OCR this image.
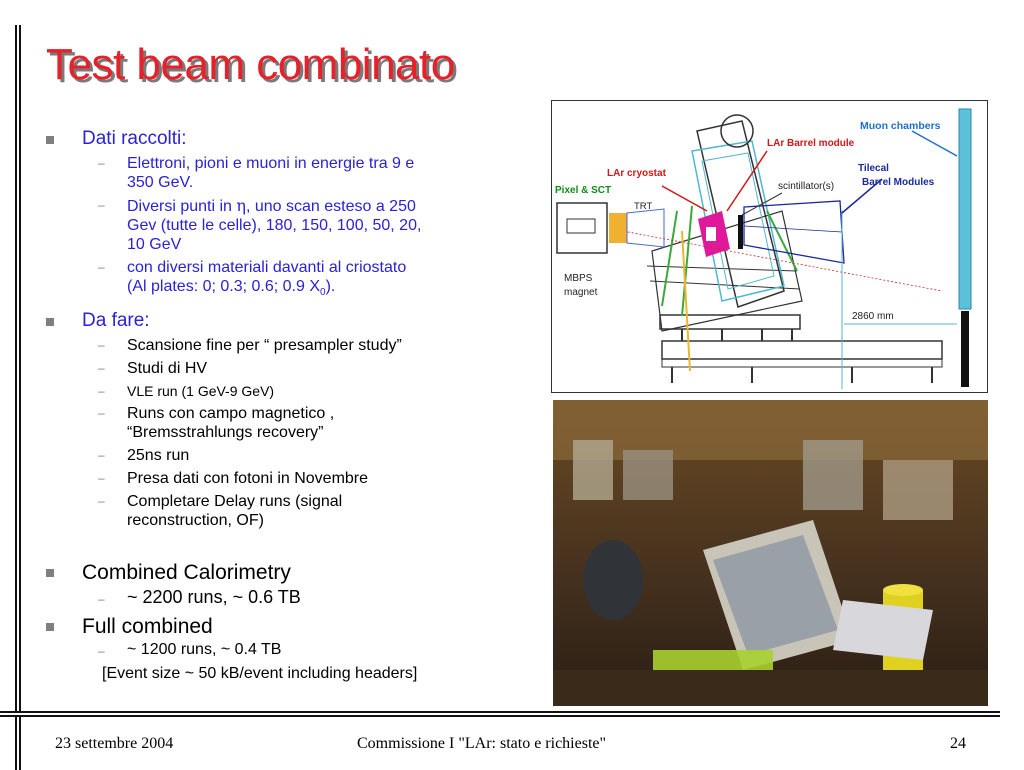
Test beam combinato
Dati raccolti:
– Elettroni, pioni e muoni in energie tra 9 e
350 GeV.
– Diversi punti in η, uno scan esteso a 250
Gev (tutte le celle), 180, 150, 100, 50, 20,
10 GeV
– con diversi materiali davanti al criostato
(Al plates: 0; 0.3; 0.6; 0.9 $X_0$).
Da fare:
– Scansione fine per “ presampler study”
– Studi di HV
– VLE run (1 GeV-9 GeV)
– Runs con campo magnetico ,
“Bremsstrahlungs recovery”
– 25ns run
– Presa dati con fotoni in Novembre
– Completare Delay runs (signal
reconstruction, OF)
Combined Calorimetry
– ~ 2200 runs, ~ 0.6 TB
Full combined
– ~ 1200 runs, ~ 0.4 TB
[Event size ~ 50 kB/event including headers]
Muon chambers
LAr Barrel module
LAr cryostat	Tilecal
Barrel Modules
Pixel & SCT	scintillator(s)
TRT
MBPS
magnet
2860 mm
23 settembre 2004	Commissione I "LAr: stato e richieste"	24
